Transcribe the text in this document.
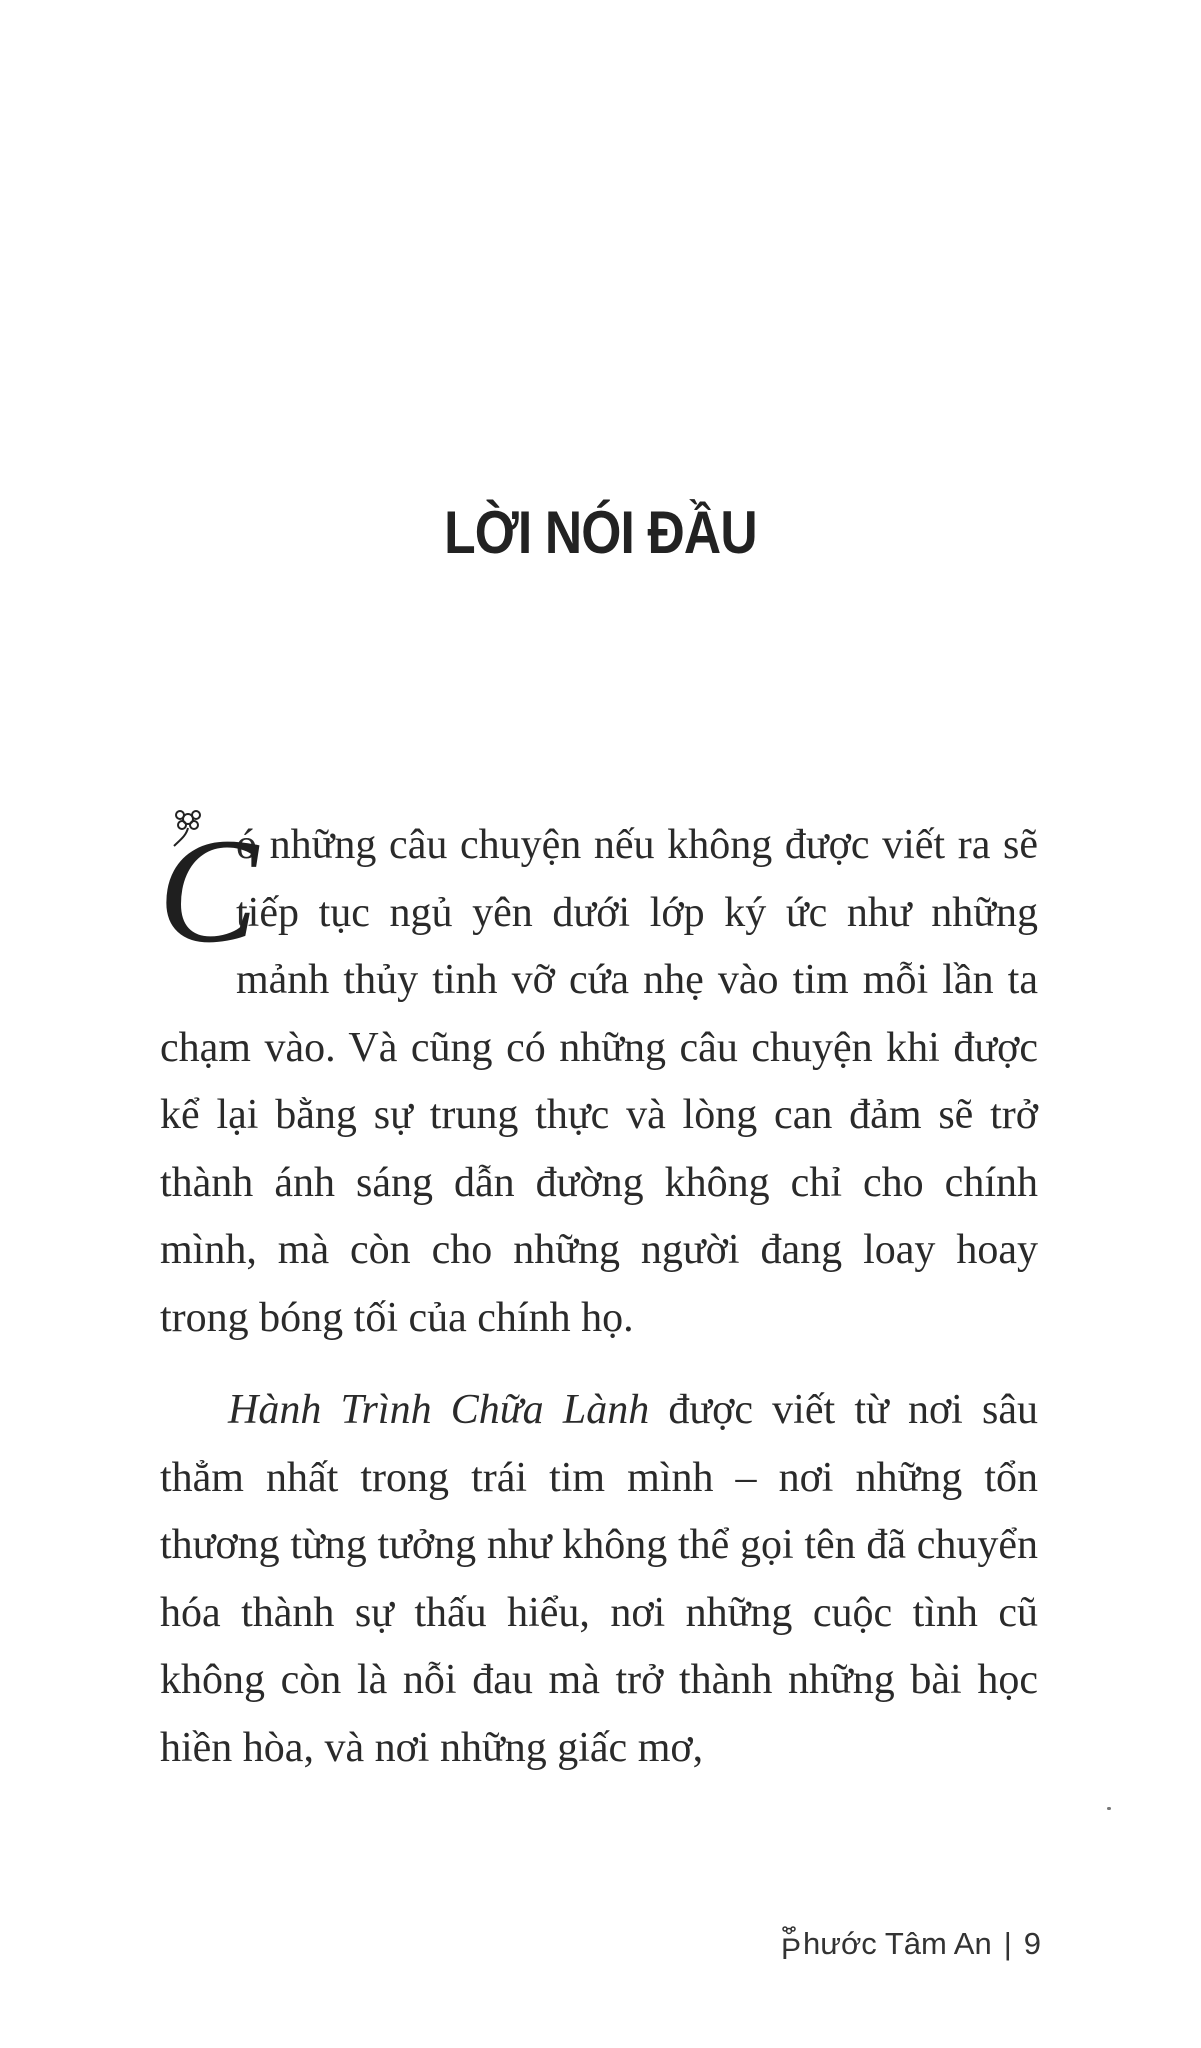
LỜI NÓI ĐẦU

C
ó những câu chuyện nếu không được viết ra sẽ tiếp tục ngủ yên dưới lớp ký ức như những mảnh thủy tinh vỡ cứa nhẹ vào tim mỗi lần ta chạm vào. Và cũng có những câu chuyện khi được kể lại bằng sự trung thực và lòng can đảm sẽ trở thành ánh sáng dẫn đường không chỉ cho chính mình, mà còn cho những người đang loay hoay trong bóng tối của chính họ.

Hành Trình Chữa Lành được viết từ nơi sâu thẳm nhất trong trái tim mình – nơi những tổn thương từng tưởng như không thể gọi tên đã chuyển hóa thành sự thấu hiểu, nơi những cuộc tình cũ không còn là nỗi đau mà trở thành những bài học hiền hòa, và nơi những giấc mơ,

P hước Tâm An | 9
